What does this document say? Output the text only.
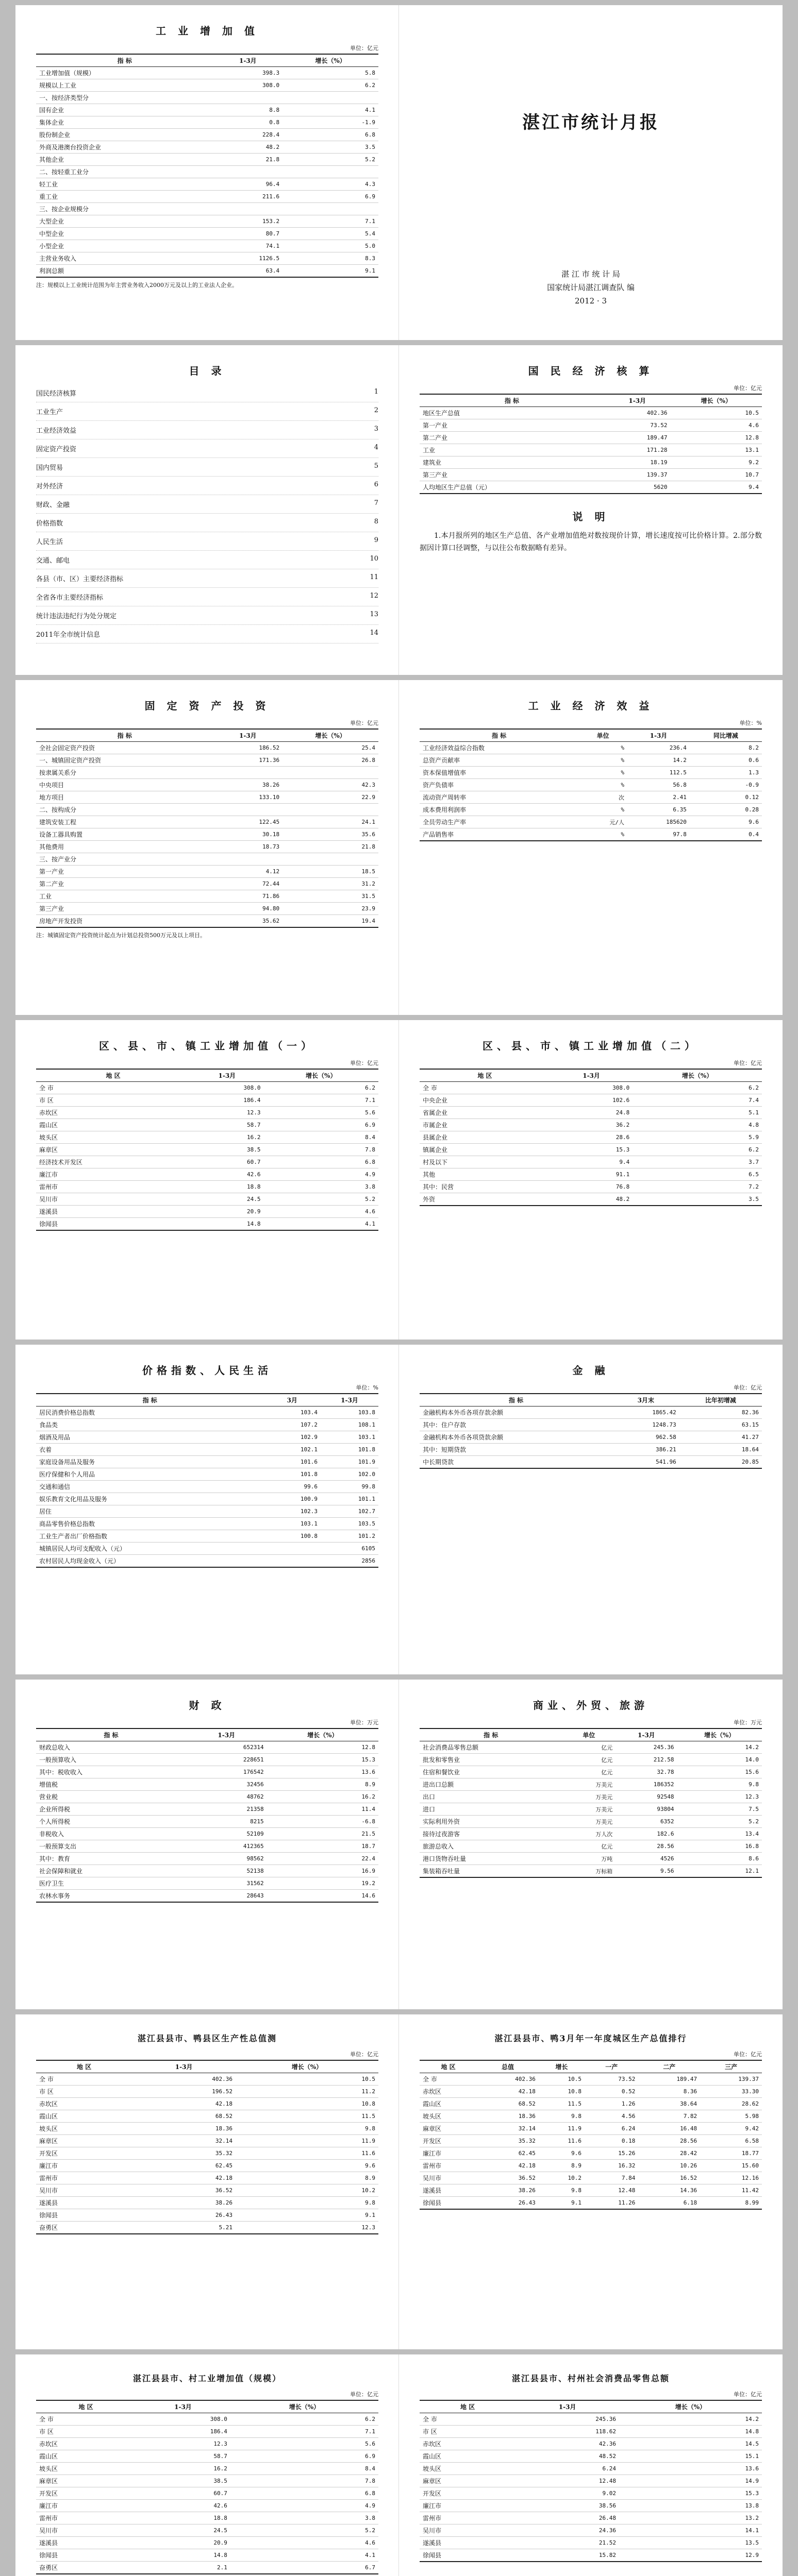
工 业 增 加 值
单位：亿元
指 标	1-3月	增长（%）
工业增加值（规模）	398.3	5.8
规模以上工业	308.0	6.2
一、按经济类型分		
国有企业	8.8	4.1
集体企业	0.8	-1.9
股份制企业	228.4	6.8
外商及港澳台投资企业	48.2	3.5
其他企业	21.8	5.2
二、按轻重工业分		
轻工业	96.4	4.3
重工业	211.6	6.9
三、按企业规模分		
大型企业	153.2	7.1
中型企业	80.7	5.4
小型企业	74.1	5.0
主营业务收入	1126.5	8.3
利润总额	63.4	9.1
注：规模以上工业统计范围为年主营业务收入2000万元及以上的工业法人企业。
湛江市统计月报
湛 江 市 统 计 局
国家统计局湛江调查队 编
2012 · 3
目 录
国民经济核算	1
工业生产	2
工业经济效益	3
固定资产投资	4
国内贸易	5
对外经济	6
财政、金融	7
价格指数	8
人民生活	9
交通、邮电	10
各县（市、区）主要经济指标	11
全省各市主要经济指标	12
统计违法违纪行为处分规定	13
2011年全市统计信息	14
国 民 经 济 核 算
单位：亿元
指 标	1-3月	增长（%）
地区生产总值	402.36	10.5
第一产业	73.52	4.6
第二产业	189.47	12.8
工业	171.28	13.1
建筑业	18.19	9.2
第三产业	139.37	10.7
人均地区生产总值（元）	5620	9.4
说 明

1.本月报所列的地区生产总值、各产业增加值绝对数按现价计算，增长速度按可比价格计算。2.部分数据因计算口径调整，与以往公布数据略有差异。

固 定 资 产 投 资
单位：亿元
指 标	1-3月	增长（%）
全社会固定资产投资	186.52	25.4
一、城镇固定资产投资	171.36	26.8
按隶属关系分		
中央项目	38.26	42.3
地方项目	133.10	22.9
二、按构成分		
建筑安装工程	122.45	24.1
设备工器具购置	30.18	35.6
其他费用	18.73	21.8
三、按产业分		
第一产业	4.12	18.5
第二产业	72.44	31.2
工业	71.86	31.5
第三产业	94.80	23.9
房地产开发投资	35.62	19.4
注：城镇固定资产投资统计起点为计划总投资500万元及以上项目。
工 业 经 济 效 益
单位：%
指 标	单位	1-3月	同比增减
工业经济效益综合指数	%	236.4	8.2
总资产贡献率	%	14.2	0.6
资本保值增值率	%	112.5	1.3
资产负债率	%	56.8	-0.9
流动资产周转率	次	2.41	0.12
成本费用利润率	%	6.35	0.28
全员劳动生产率	元/人	185620	9.6
产品销售率	%	97.8	0.4
区、县、市、镇工业增加值（一）
单位：亿元
地 区	1-3月	增长（%）
全 市	308.0	6.2
市 区	186.4	7.1
赤坎区	12.3	5.6
霞山区	58.7	6.9
坡头区	16.2	8.4
麻章区	38.5	7.8
经济技术开发区	60.7	6.8
廉江市	42.6	4.9
雷州市	18.8	3.8
吴川市	24.5	5.2
遂溪县	20.9	4.6
徐闻县	14.8	4.1
区、县、市、镇工业增加值（二）
单位：亿元
地 区	1-3月	增长（%）
全 市	308.0	6.2
中央企业	102.6	7.4
省属企业	24.8	5.1
市属企业	36.2	4.8
县属企业	28.6	5.9
镇属企业	15.3	6.2
村及以下	9.4	3.7
其他	91.1	6.5
其中：民营	76.8	7.2
外资	48.2	3.5
价格指数、人民生活
单位：%
指 标	3月	1-3月
居民消费价格总指数	103.4	103.8
食品类	107.2	108.1
烟酒及用品	102.9	103.1
衣着	102.1	101.8
家庭设备用品及服务	101.6	101.9
医疗保健和个人用品	101.8	102.0
交通和通信	99.6	99.8
娱乐教育文化用品及服务	100.9	101.1
居住	102.3	102.7
商品零售价格总指数	103.1	103.5
工业生产者出厂价格指数	100.8	101.2
城镇居民人均可支配收入（元）		6105
农村居民人均现金收入（元）		2856
金 融
单位：亿元
指 标	3月末	比年初增减
金融机构本外币各项存款余额	1865.42	82.36
其中：住户存款	1248.73	63.15
金融机构本外币各项贷款余额	962.58	41.27
其中：短期贷款	386.21	18.64
中长期贷款	541.96	20.85
财 政
单位：万元
指 标	1-3月	增长（%）
财政总收入	652314	12.8
一般预算收入	228651	15.3
其中：税收收入	176542	13.6
增值税	32456	8.9
营业税	48762	16.2
企业所得税	21358	11.4
个人所得税	8215	-6.8
非税收入	52109	21.5
一般预算支出	412365	18.7
其中：教育	98562	22.4
社会保障和就业	52138	16.9
医疗卫生	31562	19.2
农林水事务	28643	14.6
商业、外贸、旅游
单位：万元
指 标	单位	1-3月	增长（%）
社会消费品零售总额	亿元	245.36	14.2
批发和零售业	亿元	212.58	14.0
住宿和餐饮业	亿元	32.78	15.6
进出口总额	万美元	186352	9.8
出口	万美元	92548	12.3
进口	万美元	93804	7.5
实际利用外资	万美元	6352	5.2
接待过夜游客	万人次	182.6	13.4
旅游总收入	亿元	28.56	16.8
港口货物吞吐量	万吨	4526	8.6
集装箱吞吐量	万标箱	9.56	12.1
湛江县县市、鸭县区生产性总值测
单位：亿元
地 区	1-3月	增长（%）
全 市	402.36	10.5
市 区	196.52	11.2
赤坎区	42.18	10.8
霞山区	68.52	11.5
坡头区	18.36	9.8
麻章区	32.14	11.9
开发区	35.32	11.6
廉江市	62.45	9.6
雷州市	42.18	8.9
吴川市	36.52	10.2
遂溪县	38.26	9.8
徐闻县	26.43	9.1
奋勇区	5.21	12.3
湛江县县市、鸭3月年一年度城区生产总值排行
单位：亿元
地 区	总值	增长	一产	二产	三产
全 市	402.36	10.5	73.52	189.47	139.37
赤坎区	42.18	10.8	0.52	8.36	33.30
霞山区	68.52	11.5	1.26	38.64	28.62
坡头区	18.36	9.8	4.56	7.82	5.98
麻章区	32.14	11.9	6.24	16.48	9.42
开发区	35.32	11.6	0.18	28.56	6.58
廉江市	62.45	9.6	15.26	28.42	18.77
雷州市	42.18	8.9	16.32	10.26	15.60
吴川市	36.52	10.2	7.84	16.52	12.16
遂溪县	38.26	9.8	12.48	14.36	11.42
徐闻县	26.43	9.1	11.26	6.18	8.99
湛江县县市、村工业增加值（规模）
单位：亿元
地 区	1-3月	增长（%）
全 市	308.0	6.2
市 区	186.4	7.1
赤坎区	12.3	5.6
霞山区	58.7	6.9
坡头区	16.2	8.4
麻章区	38.5	7.8
开发区	60.7	6.8
廉江市	42.6	4.9
雷州市	18.8	3.8
吴川市	24.5	5.2
遂溪县	20.9	4.6
徐闻县	14.8	4.1
奋勇区	2.1	6.7
湛江县县市、村州社会消费品零售总额
单位：亿元
地 区	1-3月	增长（%）
全 市	245.36	14.2
市 区	118.62	14.8
赤坎区	42.36	14.5
霞山区	48.52	15.1
坡头区	6.24	13.6
麻章区	12.48	14.9
开发区	9.02	15.3
廉江市	38.56	13.8
雷州市	26.48	13.2
吴川市	24.36	14.1
遂溪县	21.52	13.5
徐闻县	15.82	12.9
